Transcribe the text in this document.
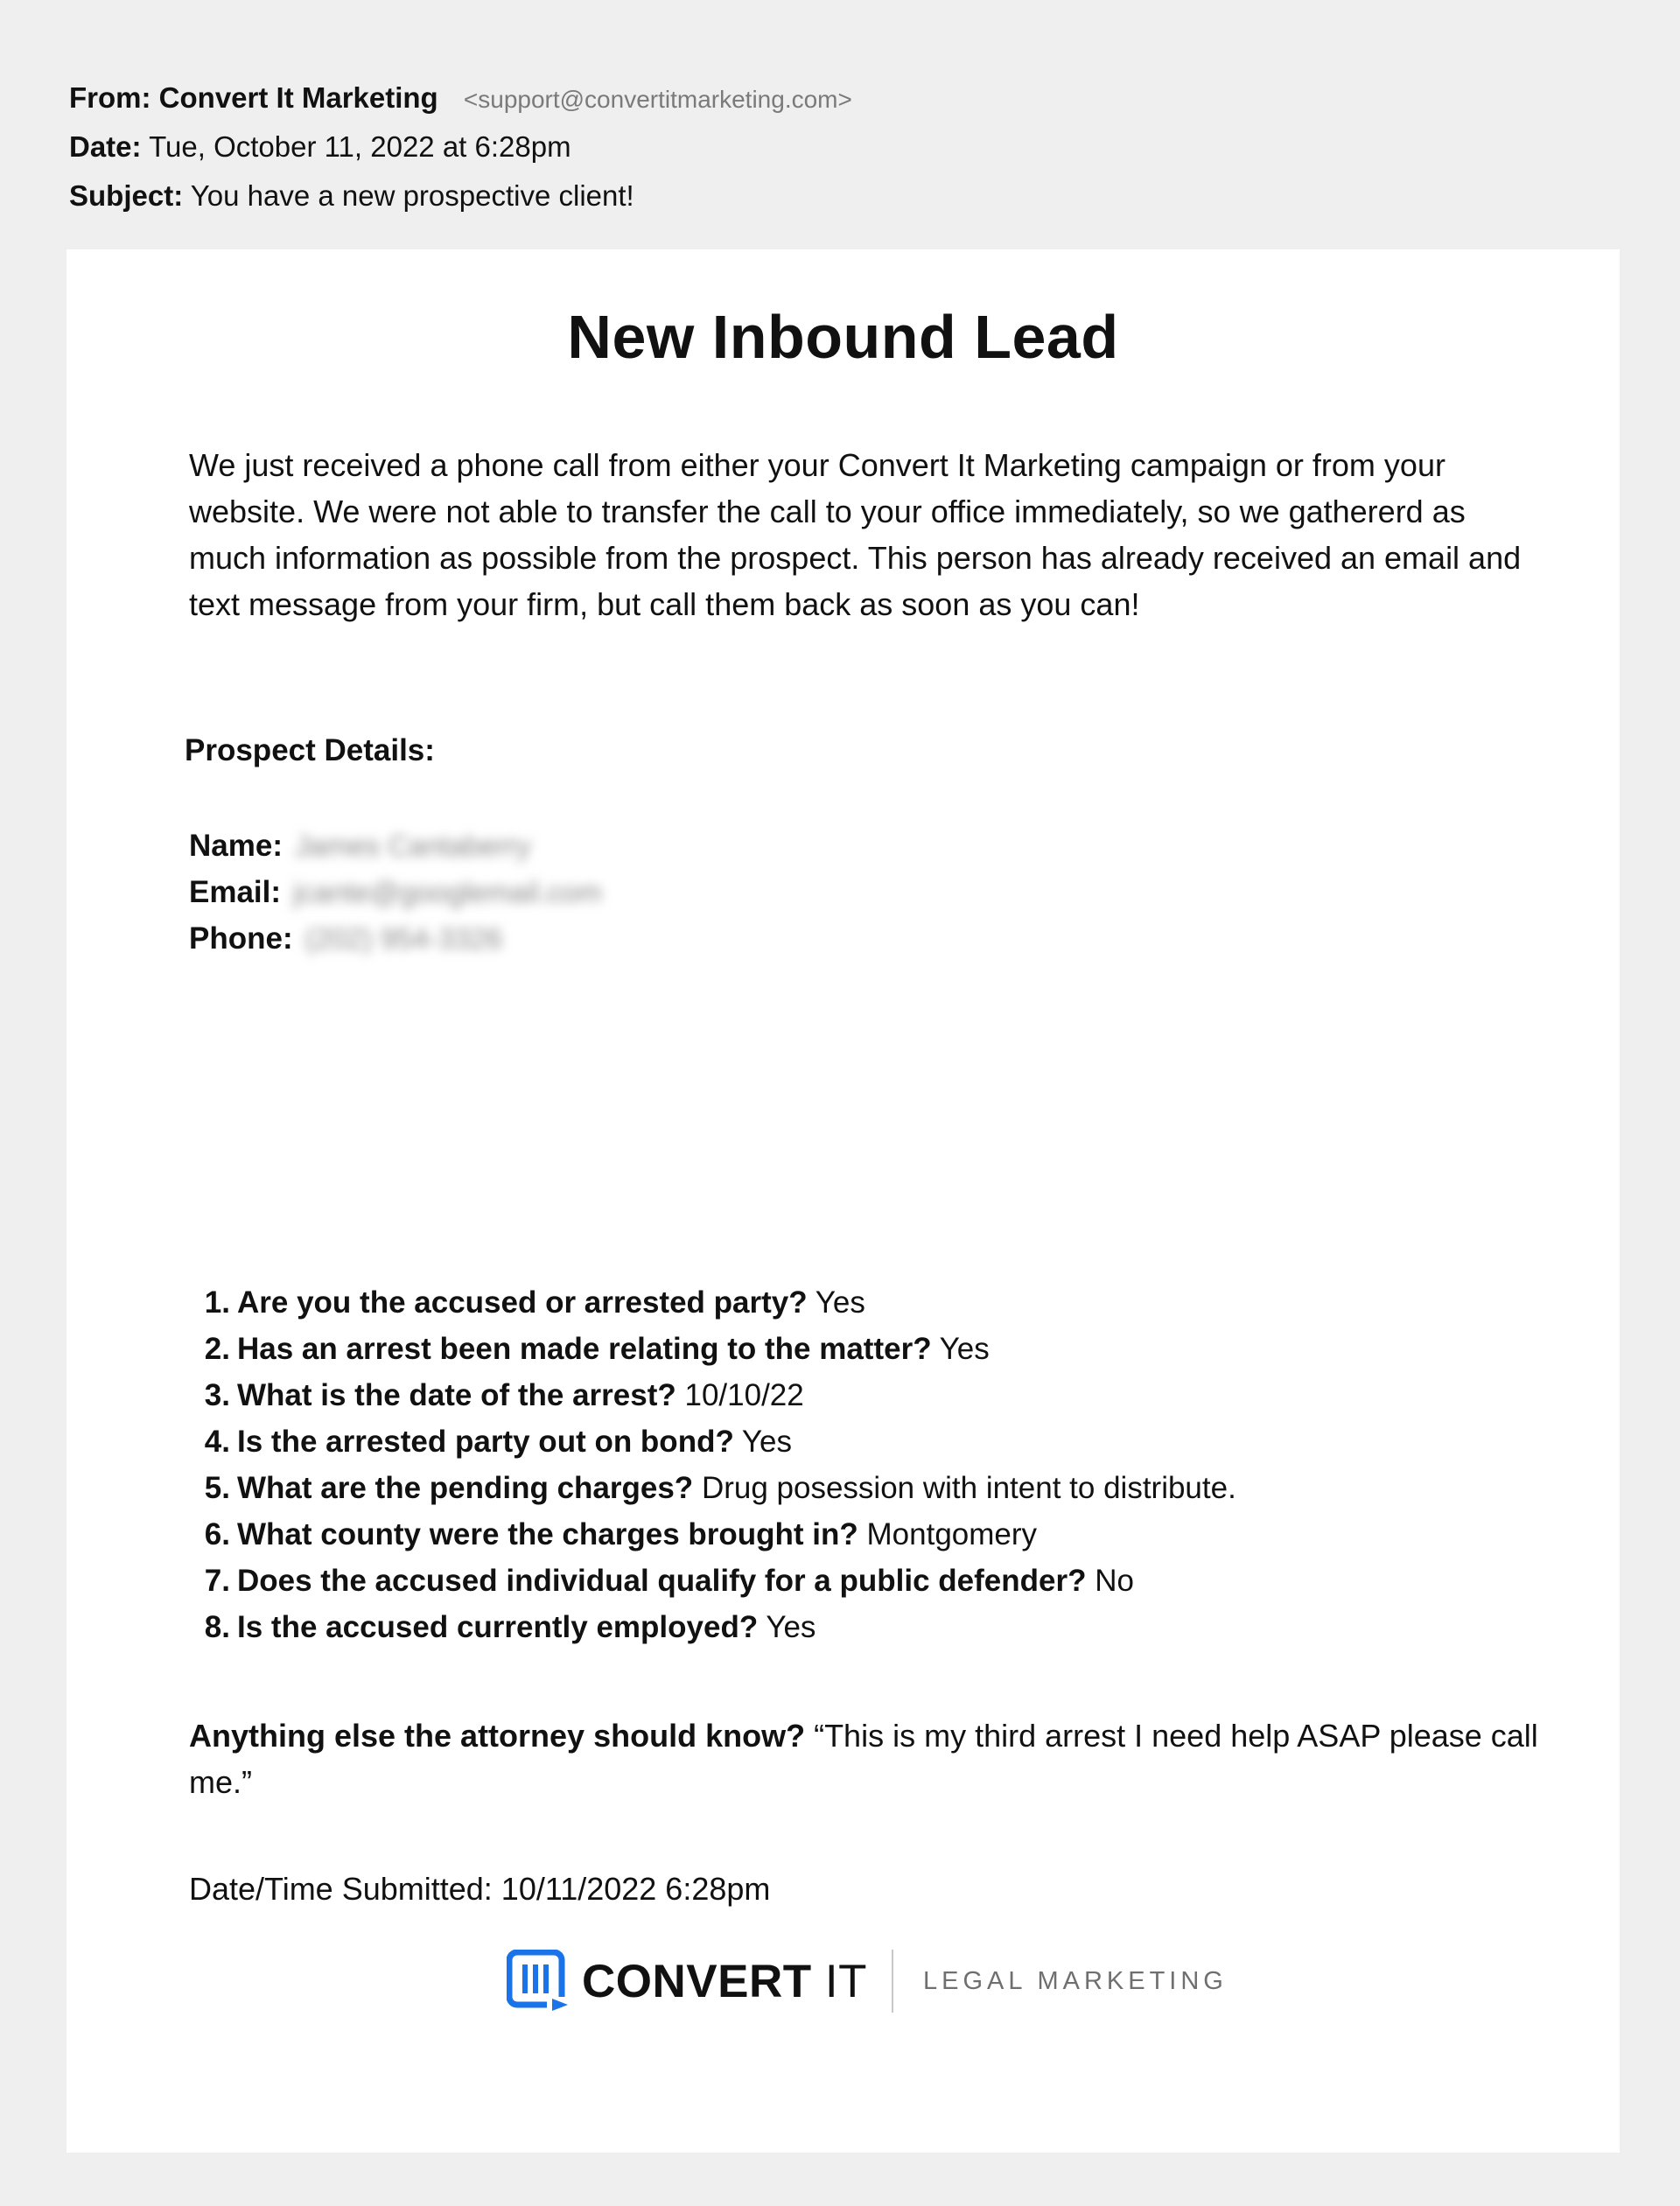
From: Convert It Marketing <support@convertitmarketing.com>
Date: Tue, October 11, 2022 at 6:28pm
Subject: You have a new prospective client!
New Inbound Lead

We just received a phone call from either your Convert It Marketing campaign or from your website. We were not able to transfer the call to your office immediately, so we gathererd as much information as possible from the prospect. This person has already received an email and text message from your firm, but call them back as soon as you can!

Prospect Details:

Name: James Cantaberry
Email: jcante@googlemail.com
Phone: (202) 954-3326
1. Are you the accused or arrested party? Yes
2. Has an arrest been made relating to the matter? Yes
3. What is the date of the arrest? 10/10/22
4. Is the arrested party out on bond? Yes
5. What are the pending charges? Drug posession with intent to distribute.
6. What county were the charges brought in? Montgomery
7. Does the accused individual qualify for a public defender? No
8. Is the accused currently employed? Yes

Anything else the attorney should know? “This is my third arrest I need help ASAP please call me.”

Date/Time Submitted: 10/11/2022 6:28pm

CONVERT IT LEGAL MARKETING
